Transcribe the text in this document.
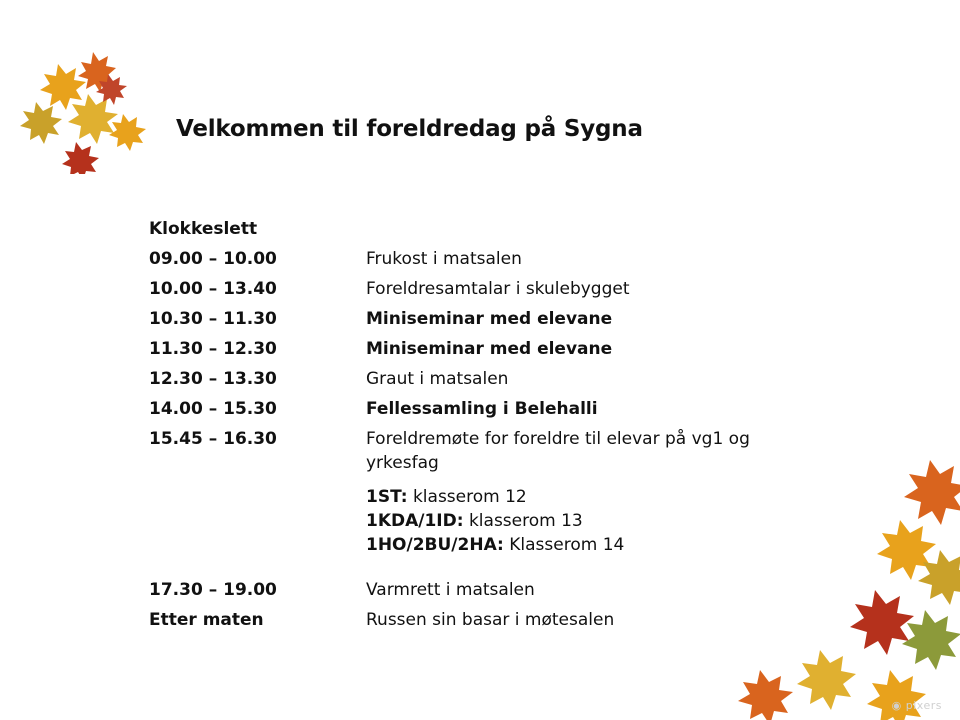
Velkommen til foreldredag på Sygna
Klokkeslett
09.00 – 10.00	Frukost i matsalen
10.00 – 13.40	Foreldresamtalar i skulebygget
10.30 – 11.30	Miniseminar med elevane
11.30 – 12.30	Miniseminar med elevane
12.30 – 13.30	Graut i matsalen
14.00 – 15.30	Fellessamling i Belehalli
15.45 – 16.30	Foreldremøte for foreldre til elevar på vg1 og yrkesfag
1ST: klasserom 12
1KDA/1ID: klasserom 13
1HO/2BU/2HA: Klasserom 14
17.30 – 19.00	Varmrett i matsalen
Etter maten	Russen sin basar i møtesalen
◉ pixers
